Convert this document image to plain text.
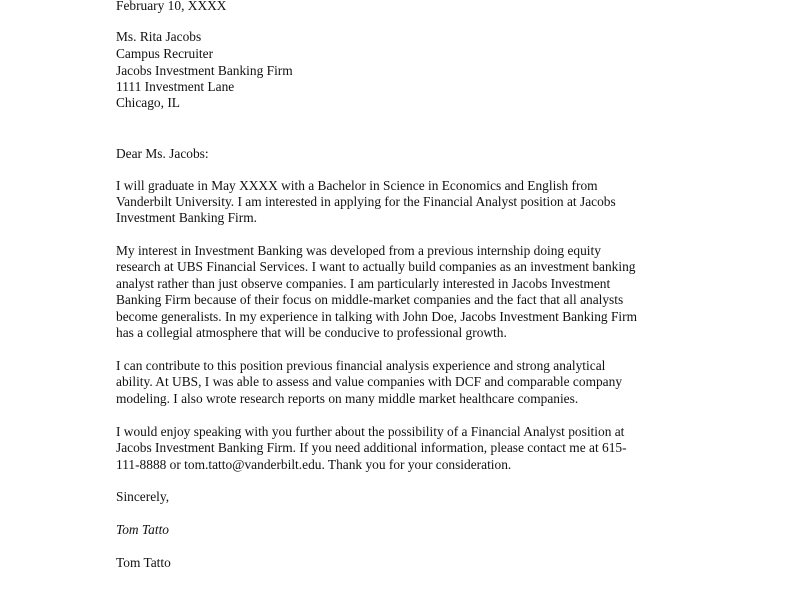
February 10, XXXX

Ms. Rita Jacobs

Campus Recruiter

Jacobs Investment Banking Firm

1111 Investment Lane

Chicago, IL

Dear Ms. Jacobs:

I will graduate in May XXXX with a Bachelor in Science in Economics and English from

Vanderbilt University. I am interested in applying for the Financial Analyst position at Jacobs

Investment Banking Firm.

My interest in Investment Banking was developed from a previous internship doing equity

research at UBS Financial Services. I want to actually build companies as an investment banking

analyst rather than just observe companies. I am particularly interested in Jacobs Investment

Banking Firm because of their focus on middle-market companies and the fact that all analysts

become generalists. In my experience in talking with John Doe, Jacobs Investment Banking Firm

has a collegial atmosphere that will be conducive to professional growth.

I can contribute to this position previous financial analysis experience and strong analytical

ability. At UBS, I was able to assess and value companies with DCF and comparable company

modeling. I also wrote research reports on many middle market healthcare companies.

I would enjoy speaking with you further about the possibility of a Financial Analyst position at

Jacobs Investment Banking Firm. If you need additional information, please contact me at 615-

111-8888 or tom.tatto@vanderbilt.edu. Thank you for your consideration.

Sincerely,

Tom Tatto

Tom Tatto
